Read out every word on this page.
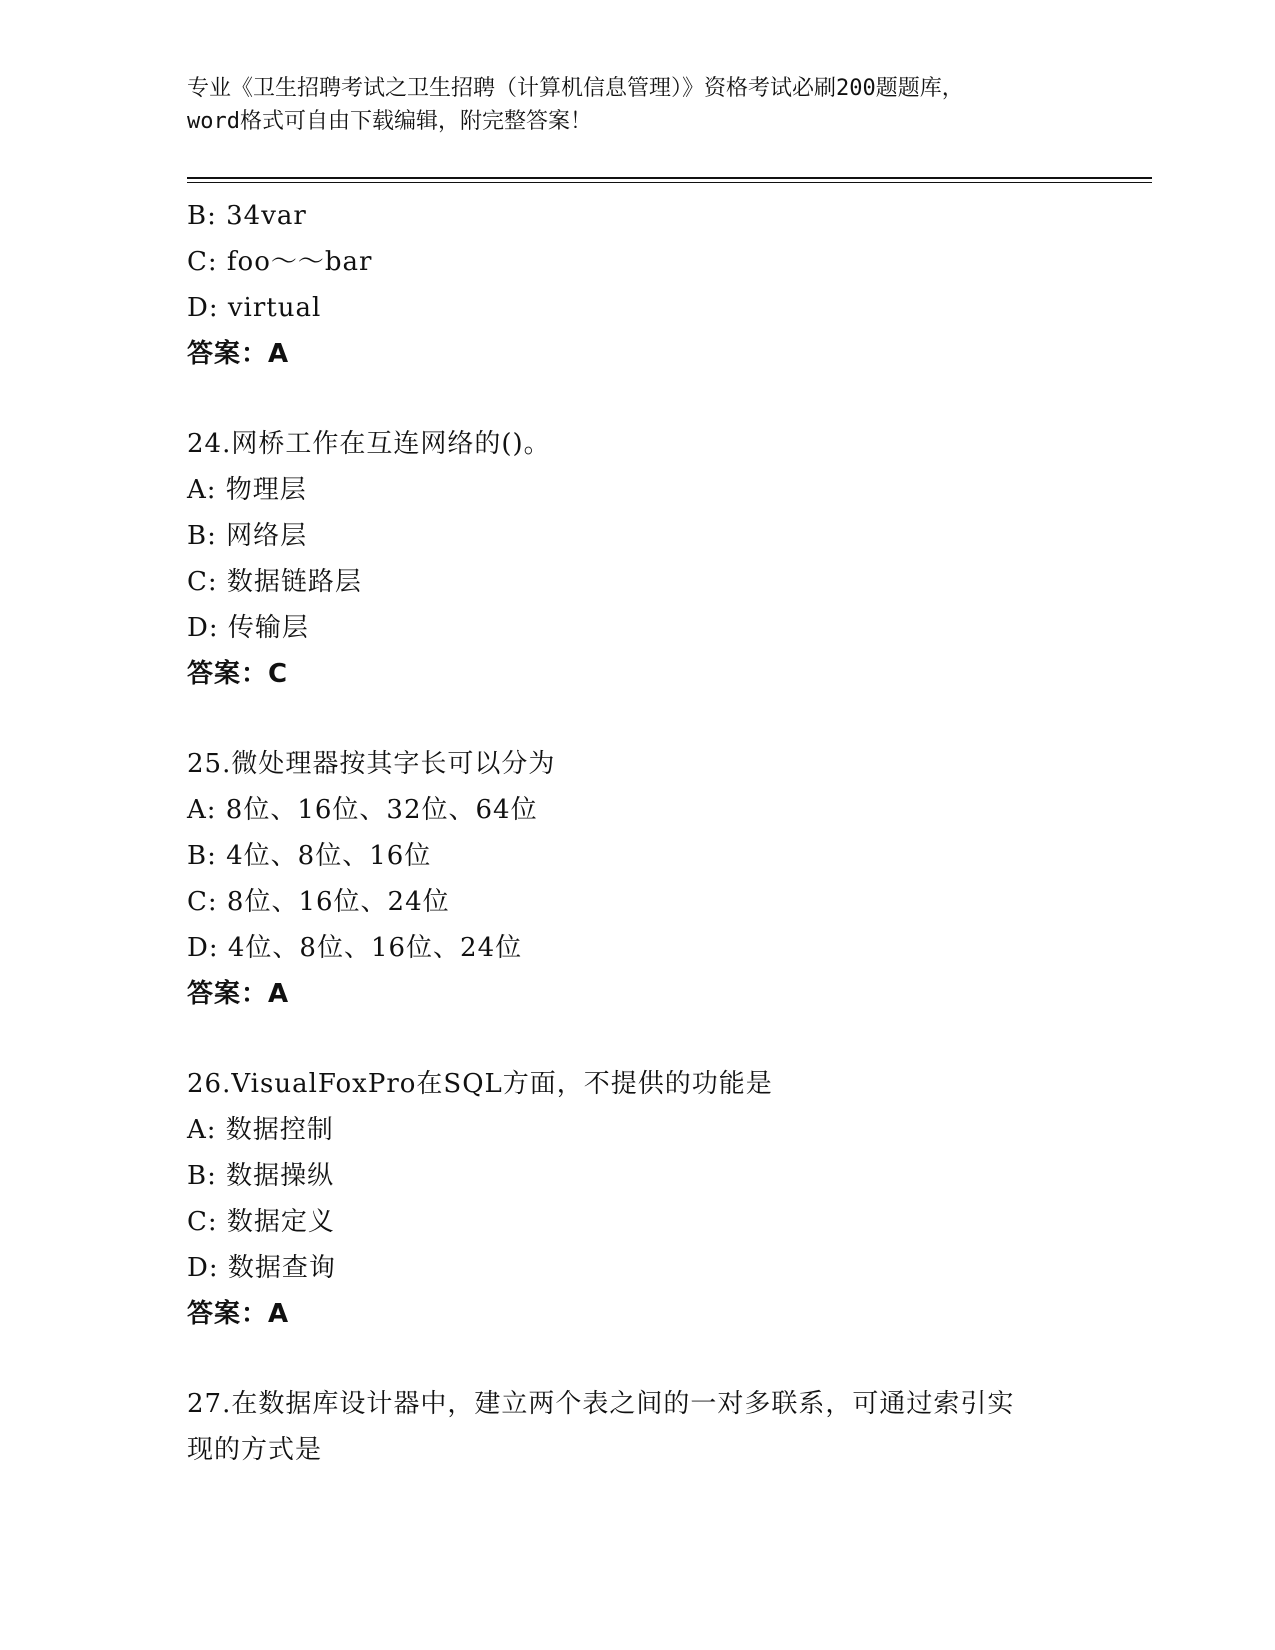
专业《卫生招聘考试之卫生招聘（计算机信息管理）》资格考试必刷200题题库，
word格式可自由下载编辑，附完整答案！
B: 34var
C: foo～～bar
D: virtual
答案：A
24.网桥工作在互连网络的()。
A: 物理层
B: 网络层
C: 数据链路层
D: 传输层
答案：C
25.微处理器按其字长可以分为
A: 8位、16位、32位、64位
B: 4位、8位、16位
C: 8位、16位、24位
D: 4位、8位、16位、24位
答案：A
26.VisualFoxPro在SQL方面，不提供的功能是
A: 数据控制
B: 数据操纵
C: 数据定义
D: 数据查询
答案：A
27.在数据库设计器中，建立两个表之间的一对多联系，可通过索引实
现的方式是
